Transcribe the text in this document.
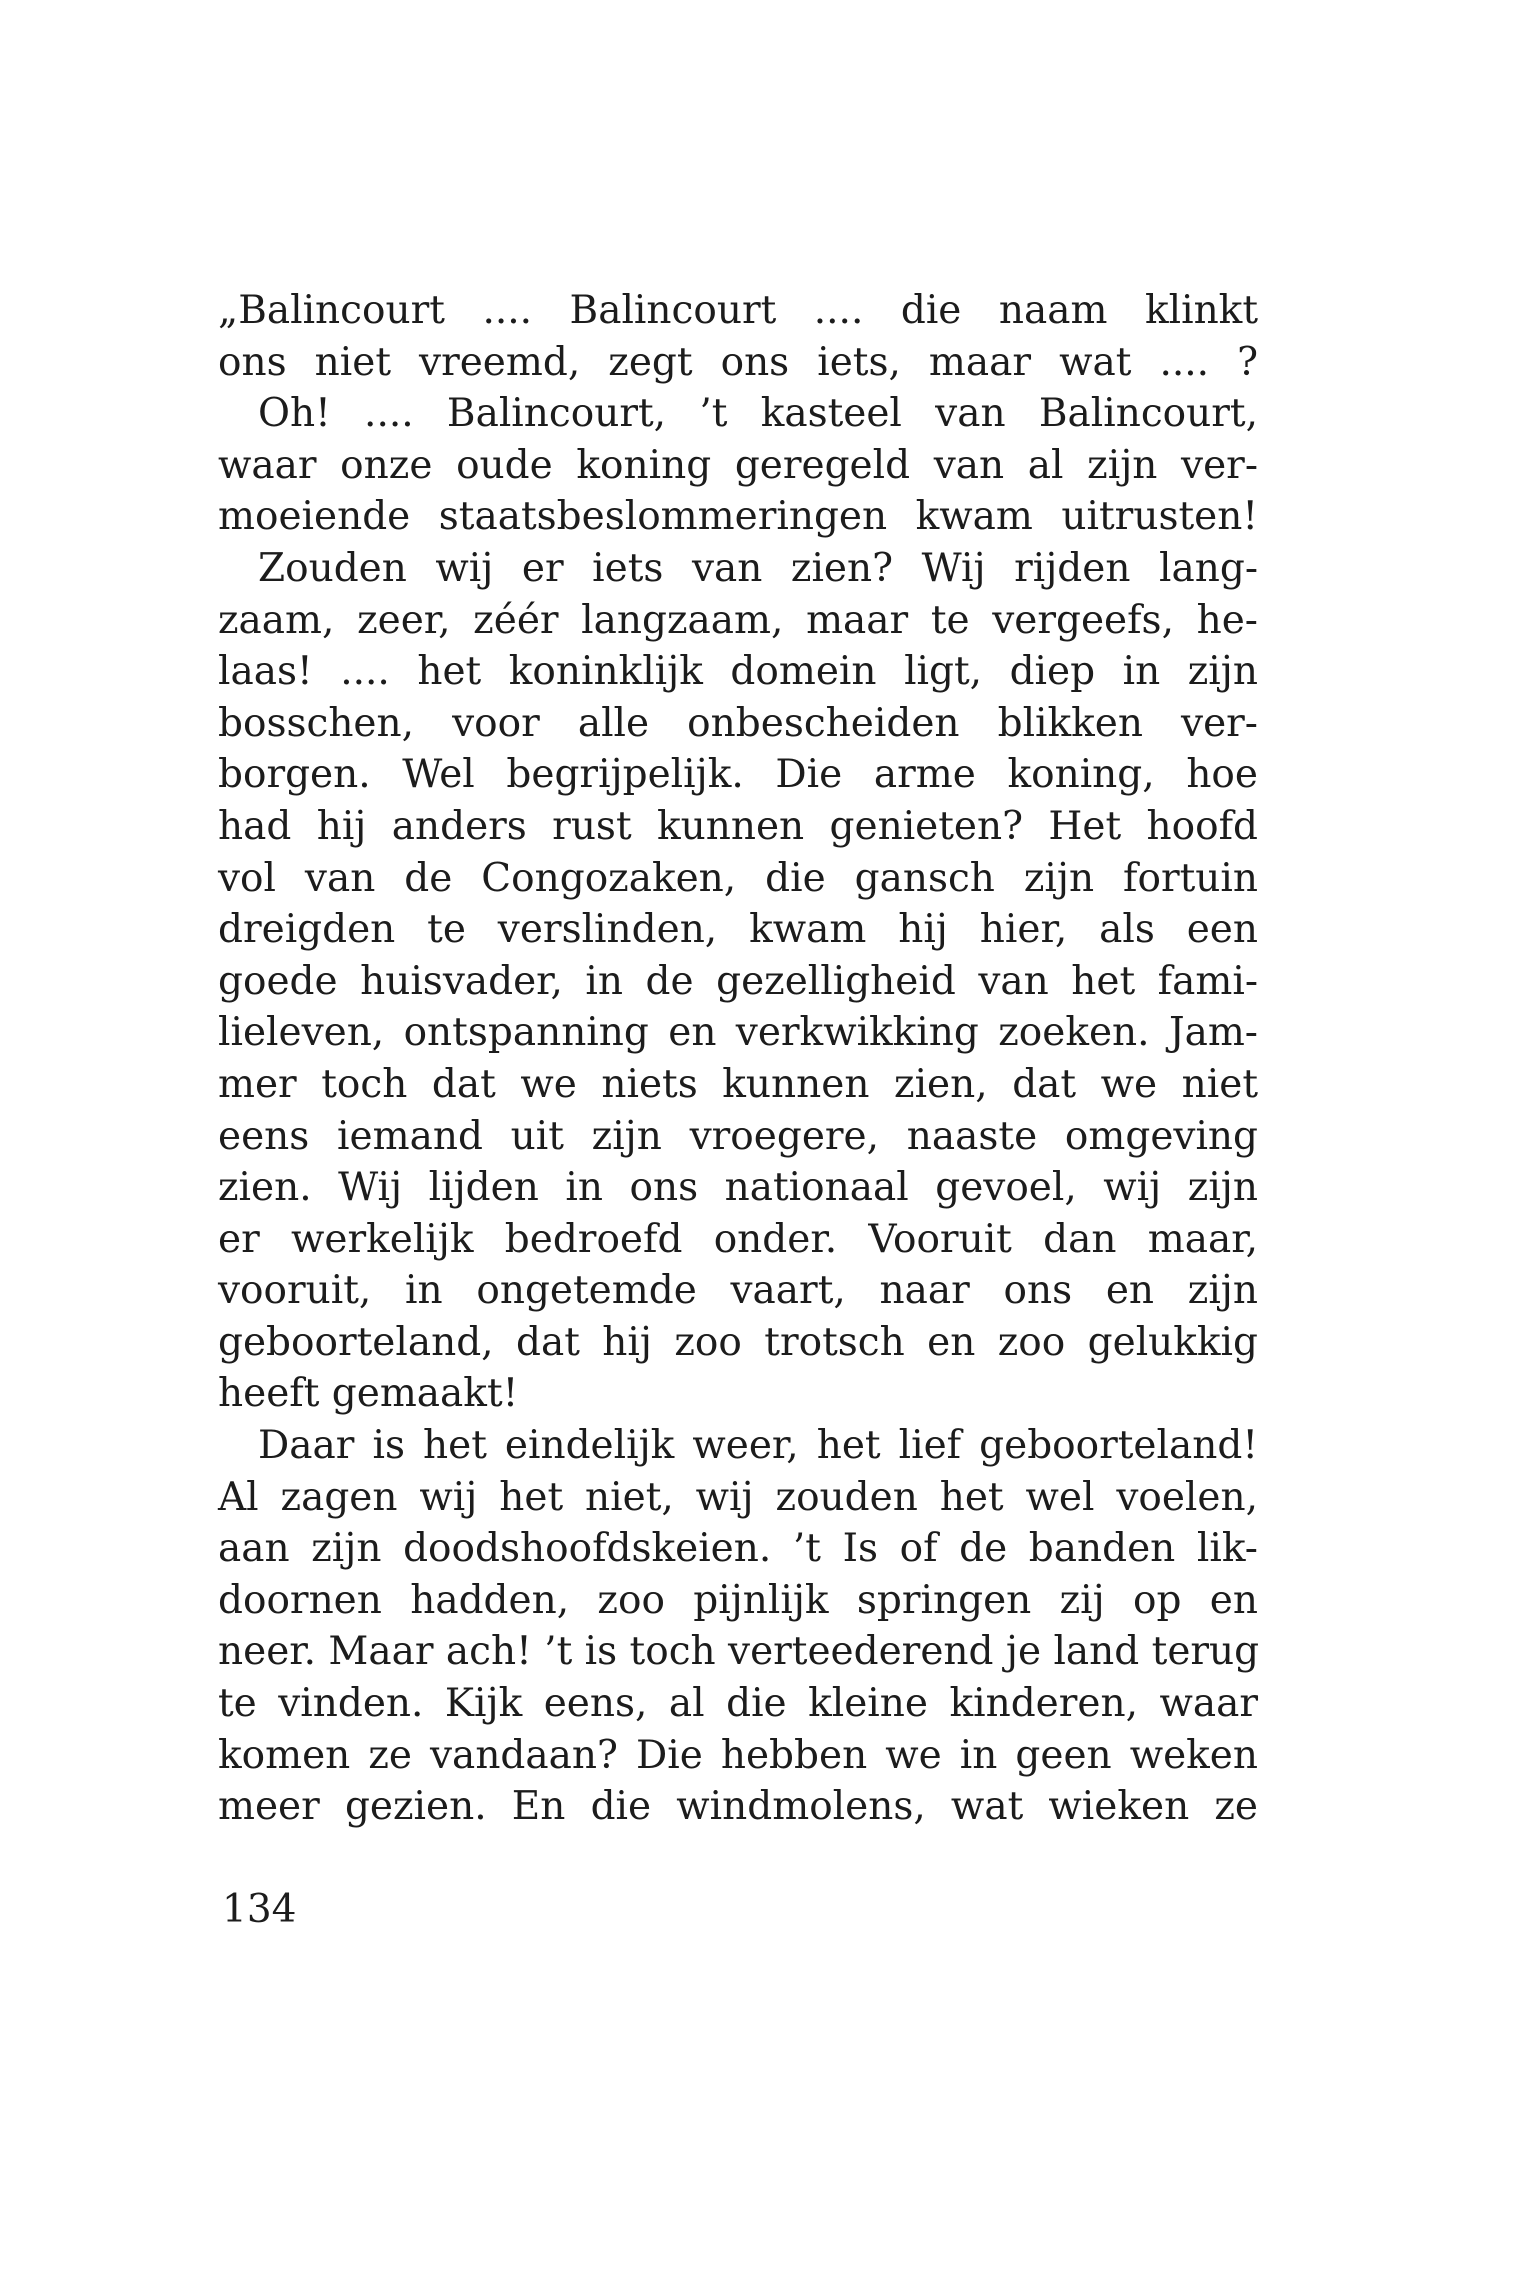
„Balincourt .... Balincourt .... die naam klinkt
ons niet vreemd, zegt ons iets, maar wat .... ?
Oh! .... Balincourt, ’t kasteel van Balincourt,
waar onze oude koning geregeld van al zijn ver-
moeiende staatsbeslommeringen kwam uitrusten!
Zouden wij er iets van zien? Wij rijden lang-
zaam, zeer, zéér langzaam, maar te vergeefs, he-
laas! .... het koninklijk domein ligt, diep in zijn
bosschen, voor alle onbescheiden blikken ver-
borgen. Wel begrijpelijk. Die arme koning, hoe
had hij anders rust kunnen genieten? Het hoofd
vol van de Congozaken, die gansch zijn fortuin
dreigden te verslinden, kwam hij hier, als een
goede huisvader, in de gezelligheid van het fami-
lieleven, ontspanning en verkwikking zoeken. Jam-
mer toch dat we niets kunnen zien, dat we niet
eens iemand uit zijn vroegere, naaste omgeving
zien. Wij lijden in ons nationaal gevoel, wij zijn
er werkelijk bedroefd onder. Vooruit dan maar,
vooruit, in ongetemde vaart, naar ons en zijn
geboorteland, dat hij zoo trotsch en zoo gelukkig
heeft gemaakt!
Daar is het eindelijk weer, het lief geboorteland!
Al zagen wij het niet, wij zouden het wel voelen,
aan zijn doodshoofdskeien. ’t Is of de banden lik-
doornen hadden, zoo pijnlijk springen zij op en
neer. Maar ach! ’t is toch verteederend je land terug
te vinden. Kijk eens, al die kleine kinderen, waar
komen ze vandaan? Die hebben we in geen weken
meer gezien. En die windmolens, wat wieken ze
134
